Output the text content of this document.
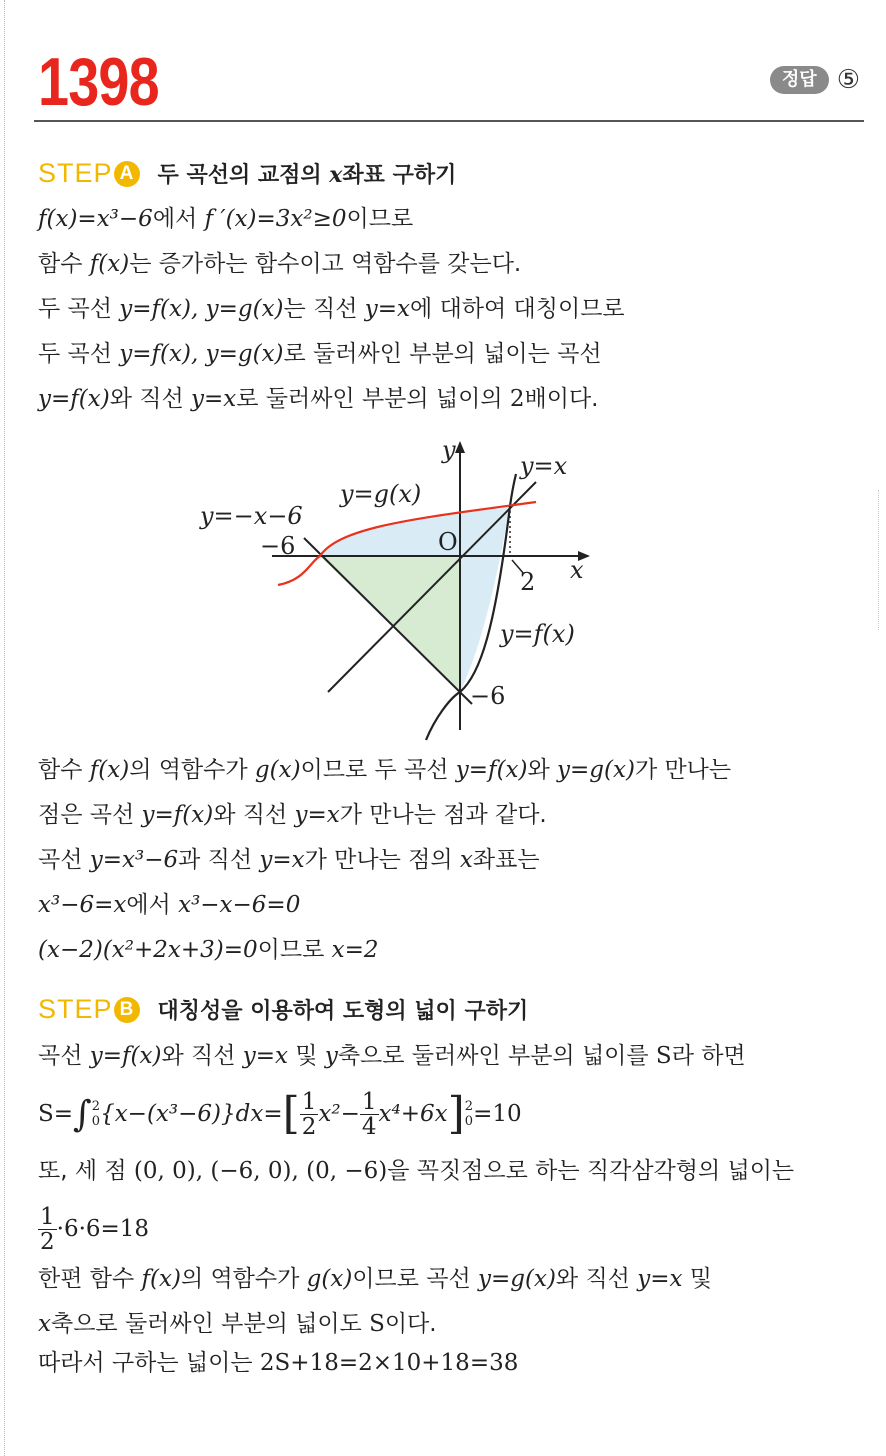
1398	정답 ⑤
STEP A 두 곡선의 교점의 x좌표 구하기
f(x)=x³−6에서 f ′(x)=3x²≥0이므로
함수 f(x)는 증가하는 함수이고 역함수를 갖는다.
두 곡선 y=f(x), y=g(x)는 직선 y=x에 대하여 대칭이므로
두 곡선 y=f(x), y=g(x)로 둘러싸인 부분의 넓이는 곡선
y=f(x)와 직선 y=x로 둘러싸인 부분의 넓이의 2배이다.
y
x
O
y=x
y=g(x)
y=−x−6
−6
2
y=f(x)
−6
함수 f(x)의 역함수가 g(x)이므로 두 곡선 y=f(x)와 y=g(x)가 만나는
점은 곡선 y=f(x)와 직선 y=x가 만나는 점과 같다.
곡선 y=x³−6과 직선 y=x가 만나는 점의 x좌표는
x³−6=x에서 x³−x−6=0
(x−2)(x²+2x+3)=0이므로 x=2
STEP B 대칭성을 이용하여 도형의 넓이 구하기
곡선 y=f(x)와 직선 y=x 및 y축으로 둘러싸인 부분의 넓이를 S라 하면
S=∫ 2
0 $\{x-(x^3-6)\}dx=[ \frac{1}{2} x^2- \frac{1}{4} x^4+6x]$ 2
0 =10
또, 세 점 (0, 0), (−6, 0), (0, −6)을 꼭짓점으로 하는 직각삼각형의 넓이는
$\frac{1}{2} \cdot 6\cdot 6=18$
한편 함수 f(x)의 역함수가 g(x)이므로 곡선 y=g(x)와 직선 y=x 및
x축으로 둘러싸인 부분의 넓이도 S이다.
따라서 구하는 넓이는 2S+18=2×10+18=38
